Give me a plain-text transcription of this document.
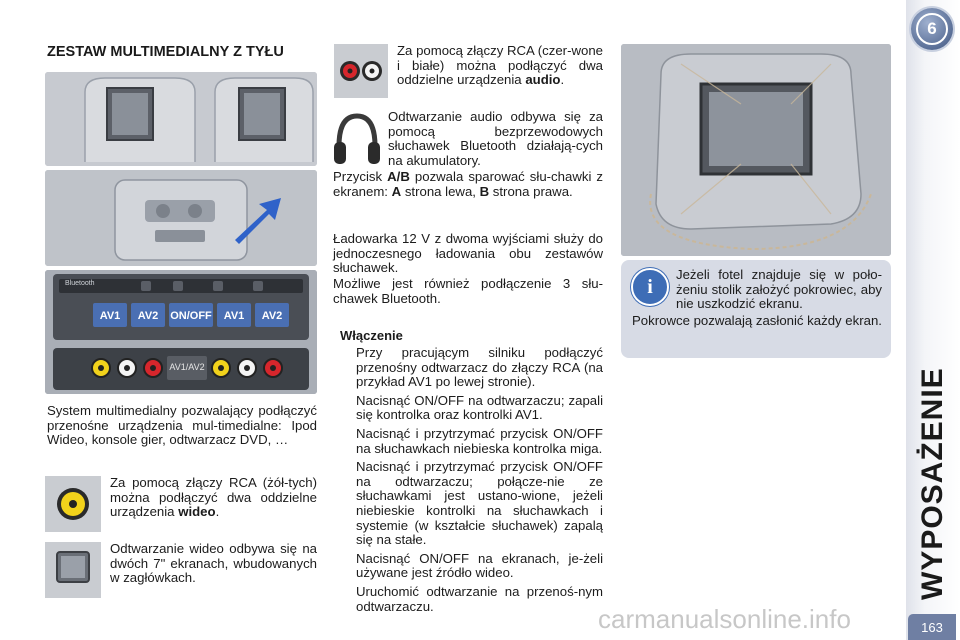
6
WYPOSAŻENIE
163
ZESTAW MULTIMEDIALNY Z TYŁU
Bluetooth
AV1/AV2
AV1	AV2	ON/OFF	AV1	AV2
System multimedialny pozwalający podłączyć przenośne urządzenia mul-timedialne: Ipod Wideo, konsole gier, odtwarzacz DVD, …
Za pomocą złączy RCA (żół-tych) można podłączyć dwa oddzielne urządzenia wideo.
Odtwarzanie wideo odbywa się na dwóch 7" ekranach, wbudowanych w zagłówkach.
Za pomocą złączy RCA (czer-wone i białe) można podłączyć dwa oddzielne urządzenia audio.
Odtwarzanie audio odbywa się za pomocą bezprzewodowych słuchawek Bluetooth działają-cych na akumulatory.
Przycisk A/B pozwala sparować słu-chawki z ekranem: A strona lewa, B strona prawa.
Ładowarka 12 V z dwoma wyjściami służy do jednoczesnego ładowania obu zestawów słuchawek.
Możliwe jest również podłączenie 3 słu-chawek Bluetooth.
Włączenie
Przy pracującym silniku podłączyć przenośny odtwarzacz do złączy RCA (na przykład AV1 po lewej stronie).
Nacisnąć ON/OFF na odtwarzaczu; zapali się kontrolka oraz kontrolki AV1.
Nacisnąć i przytrzymać przycisk ON/OFF na słuchawkach niebieska kontrolka miga.
Nacisnąć i przytrzymać przycisk ON/OFF na odtwarzaczu; połącze-nie ze słuchawkami jest ustano-wione, jeżeli niebieskie kontrolki na słuchawkach i systemie (w kształcie słuchawek) zapalą się na stałe.
Nacisnąć ON/OFF na ekranach, je-żeli używane jest źródło wideo.
Uruchomić odtwarzanie na przenoś-nym odtwarzaczu.
i
Jeżeli fotel znajduje się w poło-żeniu stolik założyć pokrowiec, aby nie uszkodzić ekranu.
Pokrowce pozwalają zasłonić każdy ekran.
carmanualsonline.info
